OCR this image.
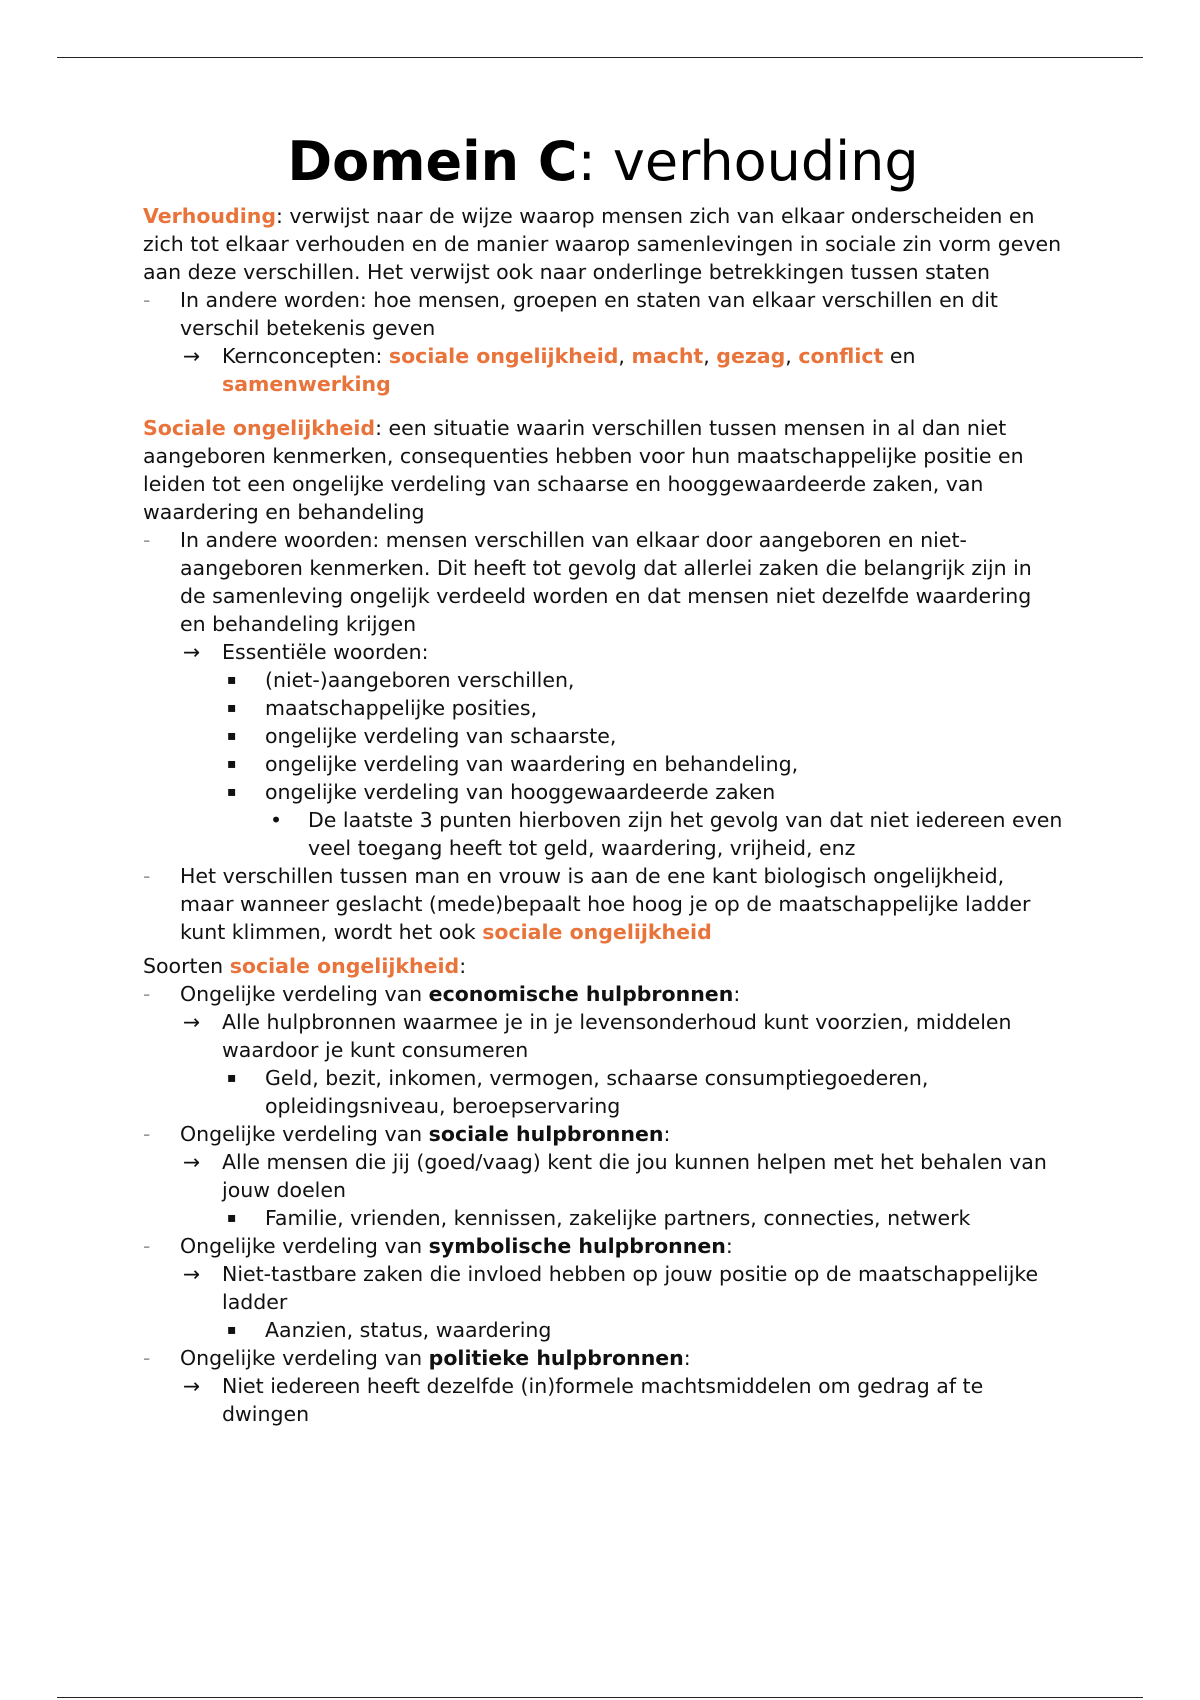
Domein C: verhouding

Verhouding: verwijst naar de wijze waarop mensen zich van elkaar onderscheiden en zich tot elkaar verhouden en de manier waarop samenlevingen in sociale zin vorm geven aan deze verschillen. Het verwijst ook naar onderlinge betrekkingen tussen staten

- In andere worden: hoe mensen, groepen en staten van elkaar verschillen en dit verschil betekenis geven
→ Kernconcepten: sociale ongelijkheid, macht, gezag, conflict en samenwerking

Sociale ongelijkheid: een situatie waarin verschillen tussen mensen in al dan niet aangeboren kenmerken, consequenties hebben voor hun maatschappelijke positie en leiden tot een ongelijke verdeling van schaarse en hooggewaardeerde zaken, van waardering en behandeling

- In andere woorden: mensen verschillen van elkaar door aangeboren en niet-aangeboren kenmerken. Dit heeft tot gevolg dat allerlei zaken die belangrijk zijn in de samenleving ongelijk verdeeld worden en dat mensen niet dezelfde waardering en behandeling krijgen
→ Essentiële woorden:
▪ (niet-)aangeboren verschillen,
▪ maatschappelijke posities,
▪ ongelijke verdeling van schaarste,
▪ ongelijke verdeling van waardering en behandeling,
▪ ongelijke verdeling van hooggewaardeerde zaken
• De laatste 3 punten hierboven zijn het gevolg van dat niet iedereen even veel toegang heeft tot geld, waardering, vrijheid, enz
- Het verschillen tussen man en vrouw is aan de ene kant biologisch ongelijkheid, maar wanneer geslacht (mede)bepaalt hoe hoog je op de maatschappelijke ladder kunt klimmen, wordt het ook sociale ongelijkheid

Soorten sociale ongelijkheid:

- Ongelijke verdeling van economische hulpbronnen:
→ Alle hulpbronnen waarmee je in je levensonderhoud kunt voorzien, middelen waardoor je kunt consumeren
▪ Geld, bezit, inkomen, vermogen, schaarse consumptiegoederen, opleidingsniveau, beroepservaring
- Ongelijke verdeling van sociale hulpbronnen:
→ Alle mensen die jij (goed/vaag) kent die jou kunnen helpen met het behalen van jouw doelen
▪ Familie, vrienden, kennissen, zakelijke partners, connecties, netwerk
- Ongelijke verdeling van symbolische hulpbronnen:
→ Niet-tastbare zaken die invloed hebben op jouw positie op de maatschappelijke ladder
▪ Aanzien, status, waardering
- Ongelijke verdeling van politieke hulpbronnen:
→ Niet iedereen heeft dezelfde (in)formele machtsmiddelen om gedrag af te dwingen
